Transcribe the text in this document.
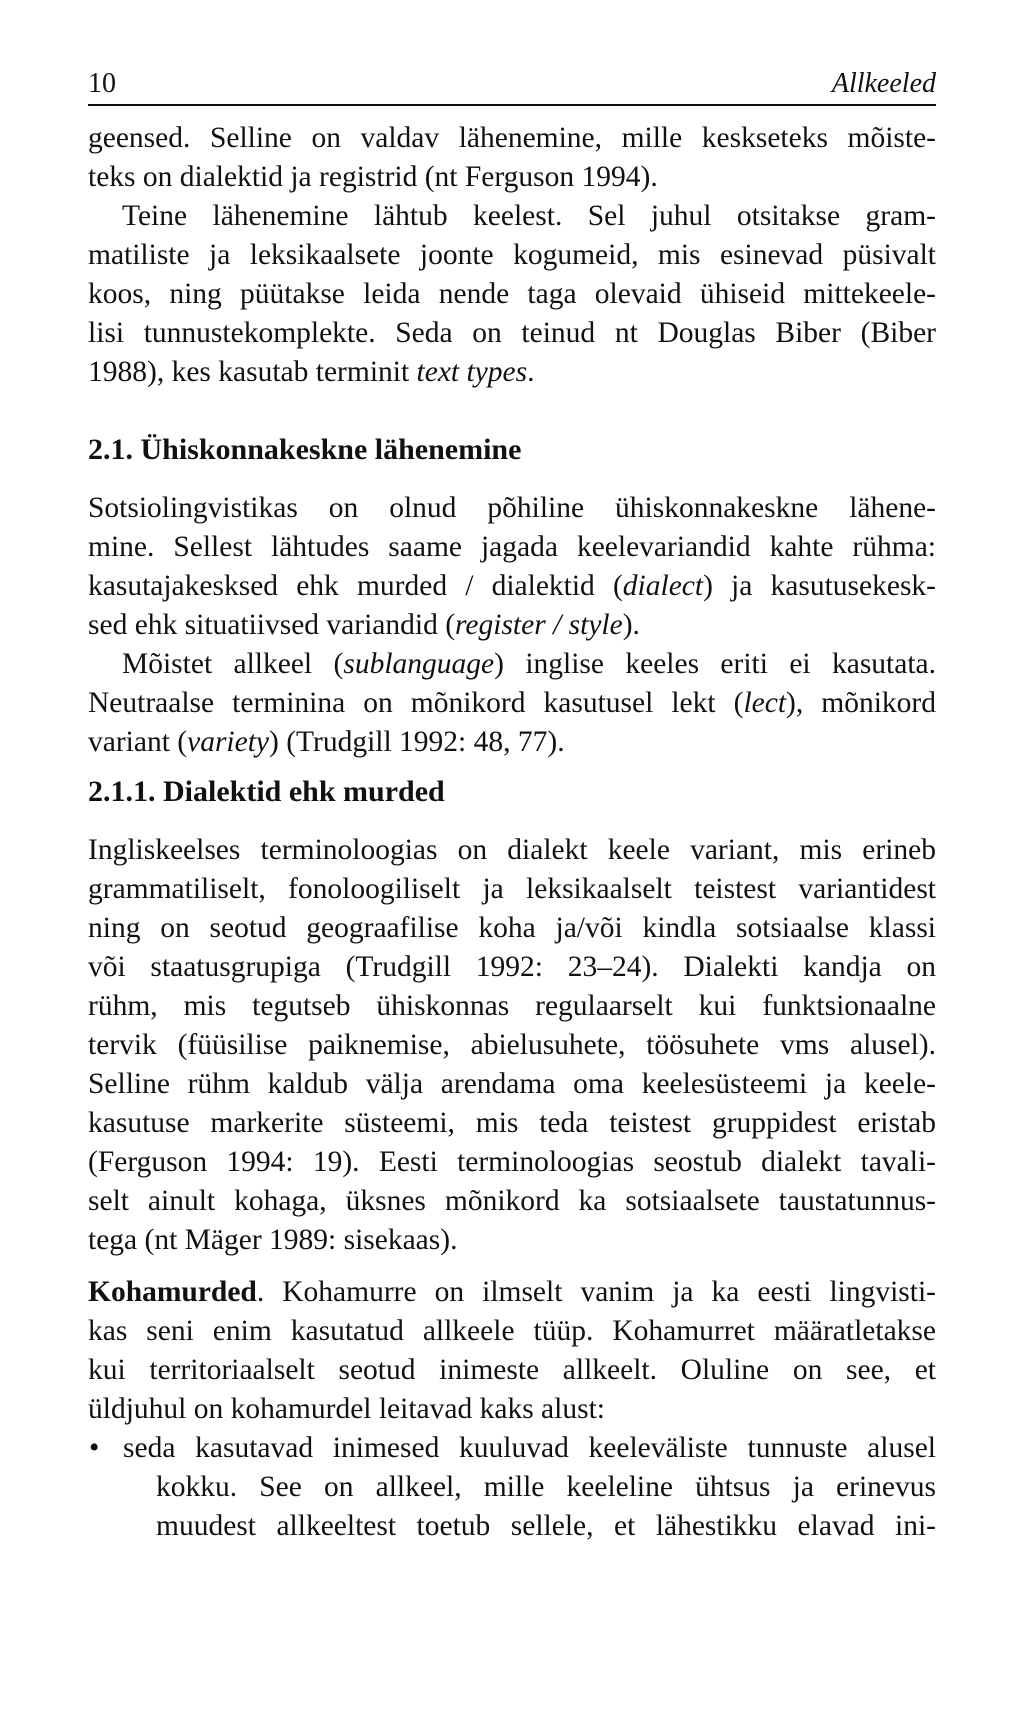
10	Allkeeled
geensed. Selline on valdav lähenemine, mille keskseteks mõiste-
teks on dialektid ja registrid (nt Ferguson 1994).
Teine lähenemine lähtub keelest. Sel juhul otsitakse gram-
matiliste ja leksikaalsete joonte kogumeid, mis esinevad püsivalt
koos, ning püütakse leida nende taga olevaid ühiseid mittekeele-
lisi tunnustekomplekte. Seda on teinud nt Douglas Biber (Biber
1988), kes kasutab terminit text types.
2.1. Ühiskonnakeskne lähenemine
Sotsiolingvistikas on olnud põhiline ühiskonnakeskne lähene-
mine. Sellest lähtudes saame jagada keelevariandid kahte rühma:
kasutajakesksed ehk murded / dialektid (dialect) ja kasutusekesk-
sed ehk situatiivsed variandid (register / style).
Mõistet allkeel (sublanguage) inglise keeles eriti ei kasutata.
Neutraalse terminina on mõnikord kasutusel lekt (lect), mõnikord
variant (variety) (Trudgill 1992: 48, 77).
2.1.1. Dialektid ehk murded
Ingliskeelses terminoloogias on dialekt keele variant, mis erineb
grammatiliselt, fonoloogiliselt ja leksikaalselt teistest variantidest
ning on seotud geograafilise koha ja/või kindla sotsiaalse klassi
või staatusgrupiga (Trudgill 1992: 23–24). Dialekti kandja on
rühm, mis tegutseb ühiskonnas regulaarselt kui funktsionaalne
tervik (füüsilise paiknemise, abielusuhete, töösuhete vms alusel).
Selline rühm kaldub välja arendama oma keelesüsteemi ja keele-
kasutuse markerite süsteemi, mis teda teistest gruppidest eristab
(Ferguson 1994: 19). Eesti terminoloogias seostub dialekt tavali-
selt ainult kohaga, üksnes mõnikord ka sotsiaalsete taustatunnus-
tega (nt Mäger 1989: sisekaas).
Kohamurded. Kohamurre on ilmselt vanim ja ka eesti lingvisti-
kas seni enim kasutatud allkeele tüüp. Kohamurret määratletakse
kui territoriaalselt seotud inimeste allkeelt. Oluline on see, et
üldjuhul on kohamurdel leitavad kaks alust:
• seda kasutavad inimesed kuuluvad keeleväliste tunnuste alusel
kokku. See on allkeel, mille keeleline ühtsus ja erinevus
muudest allkeeltest toetub sellele, et lähestikku elavad ini-
